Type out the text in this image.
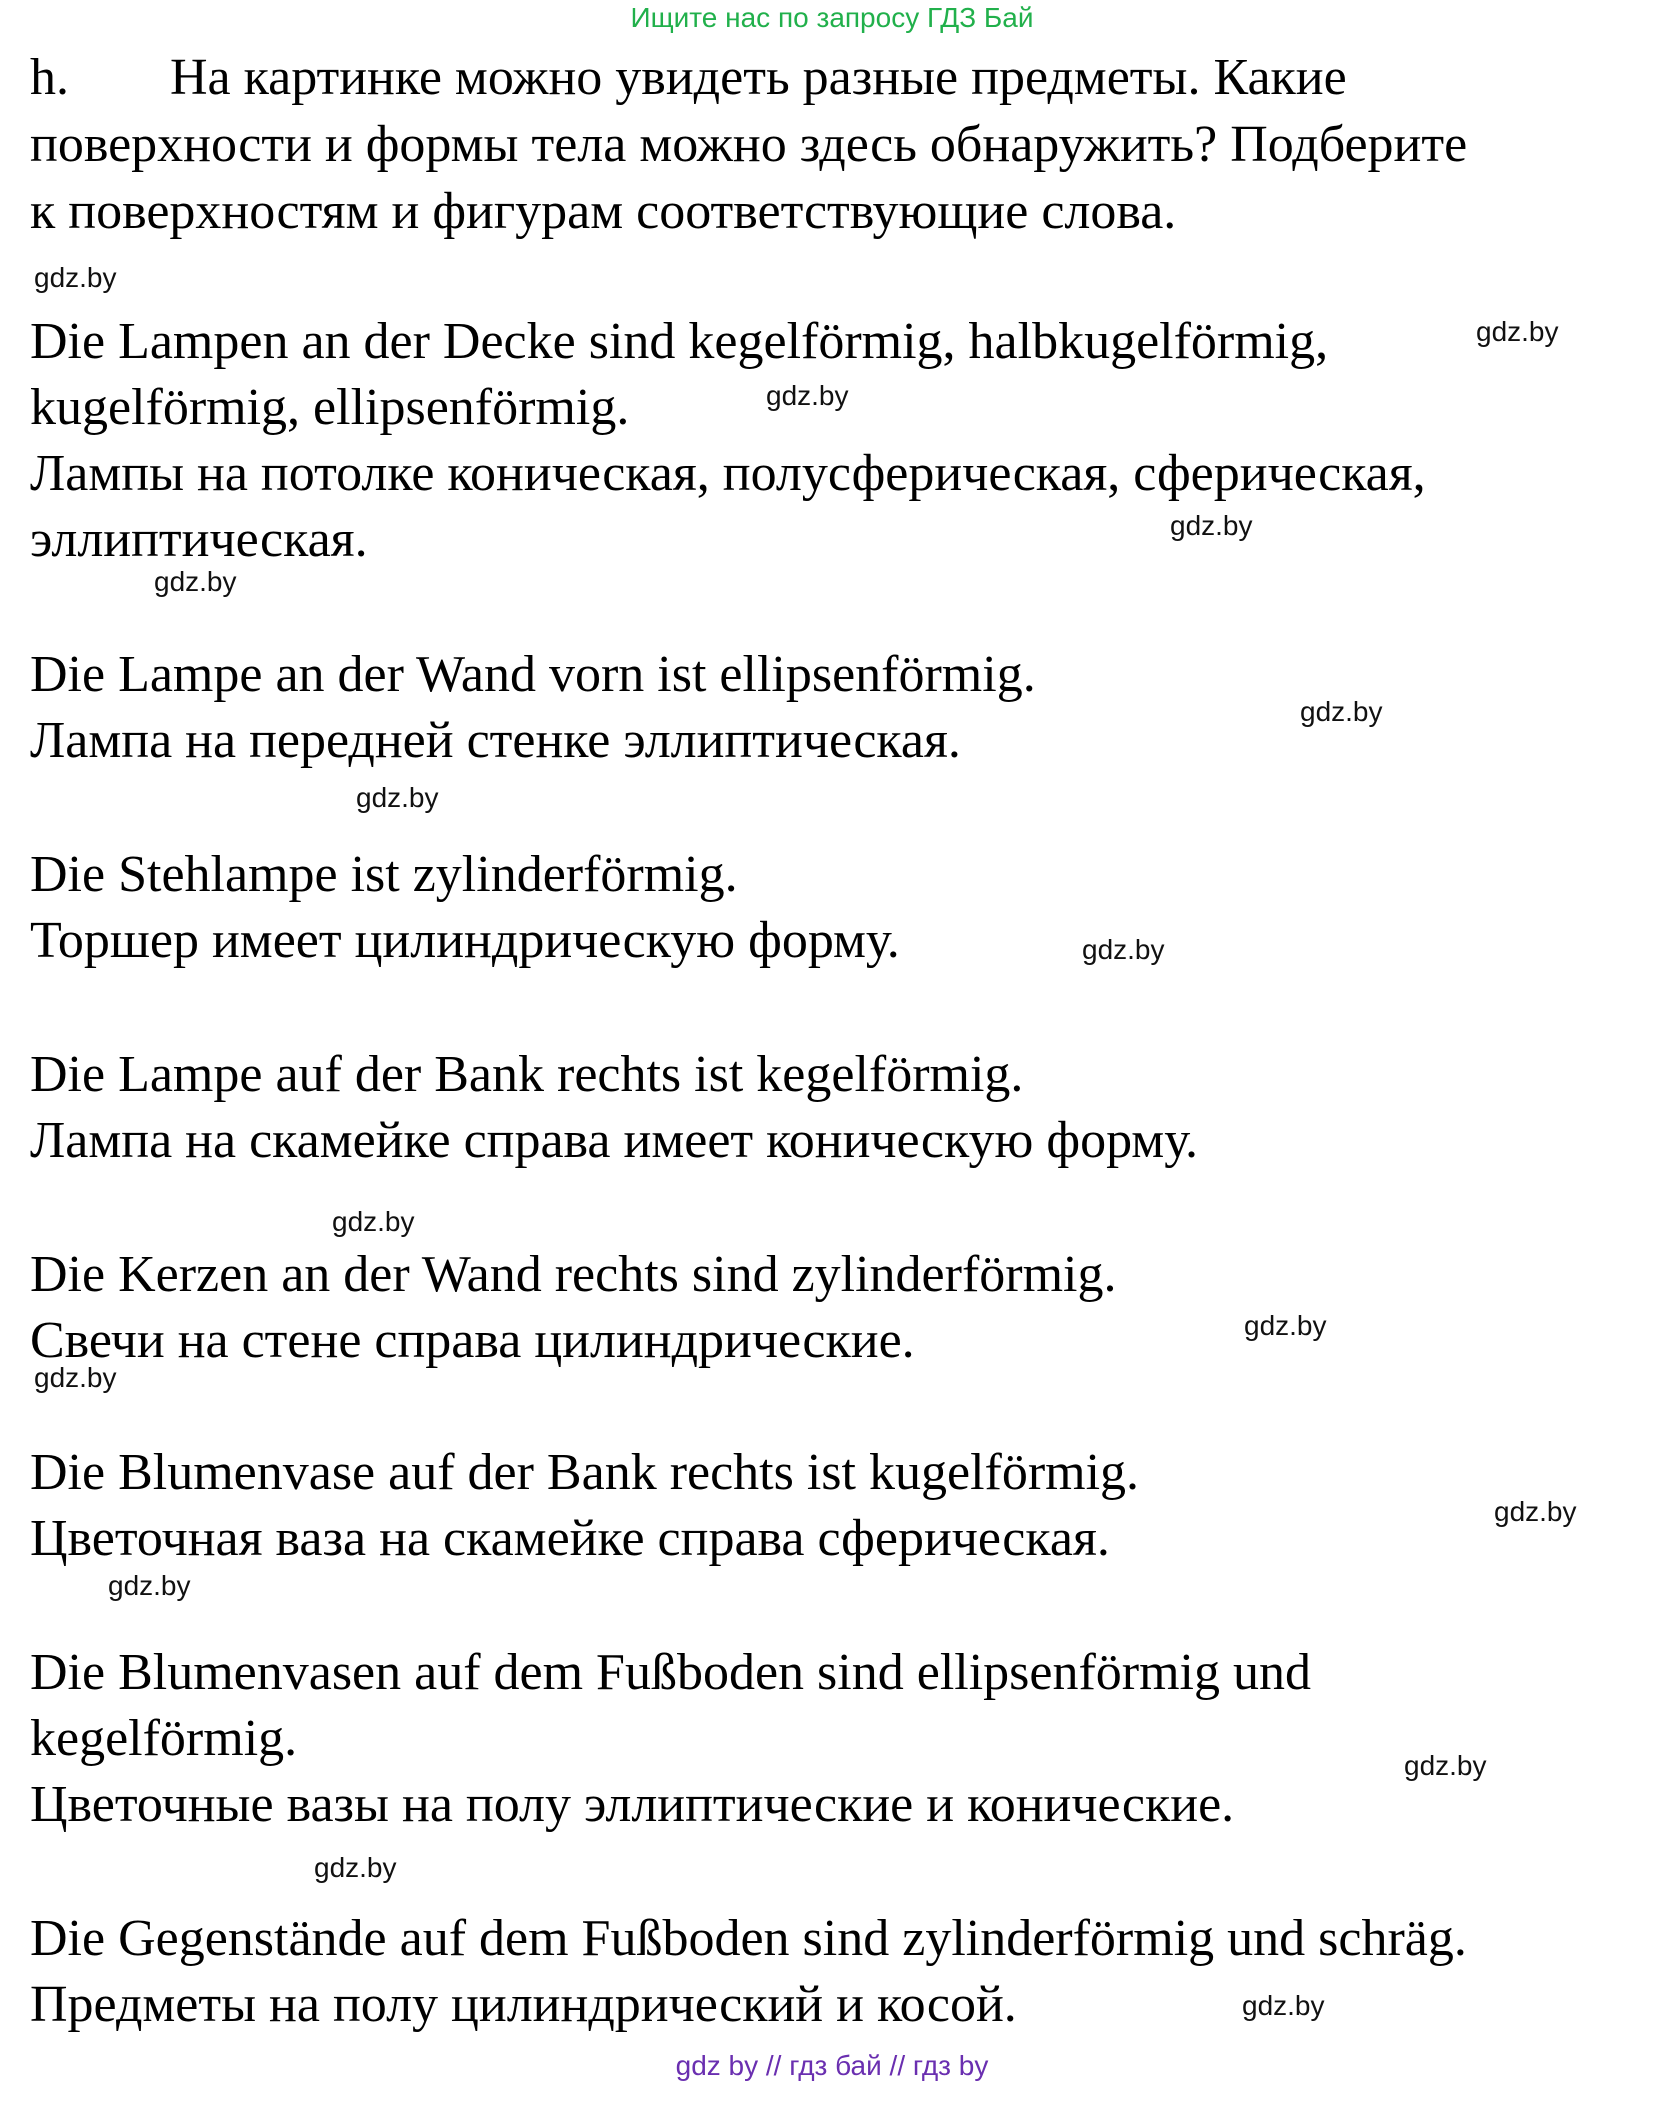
Ищите нас по запросу ГДЗ Бай
h. На картинке можно увидеть разные предметы. Какие
поверхности и формы тела можно здесь обнаружить? Подберите
к поверхностям и фигурам соответствующие слова.
Die Lampen an der Decke sind kegelförmig, halbkugelförmig,
kugelförmig, ellipsenförmig.
Лампы на потолке коническая, полусферическая, сферическая,
эллиптическая.
Die Lampe an der Wand vorn ist ellipsenförmig.
Лампа на передней стенке эллиптическая.
Die Stehlampe ist zylinderförmig.
Торшер имеет цилиндрическую форму.
Die Lampe auf der Bank rechts ist kegelförmig.
Лампа на скамейке справа имеет коническую форму.
Die Kerzen an der Wand rechts sind zylinderförmig.
Свечи на стене справа цилиндрические.
Die Blumenvase auf der Bank rechts ist kugelförmig.
Цветочная ваза на скамейке справа сферическая.
Die Blumenvasen auf dem Fußboden sind ellipsenförmig und
kegelförmig.
Цветочные вазы на полу эллиптические и конические.
Die Gegenstände auf dem Fußboden sind zylinderförmig und schräg.
Предметы на полу цилиндрический и косой.
gdz.by
gdz.by
gdz.by
gdz.by
gdz.by
gdz.by
gdz.by
gdz.by
gdz.by
gdz.by
gdz.by
gdz.by
gdz.by
gdz.by
gdz.by
gdz.by
gdz by // гдз бай // гдз by
